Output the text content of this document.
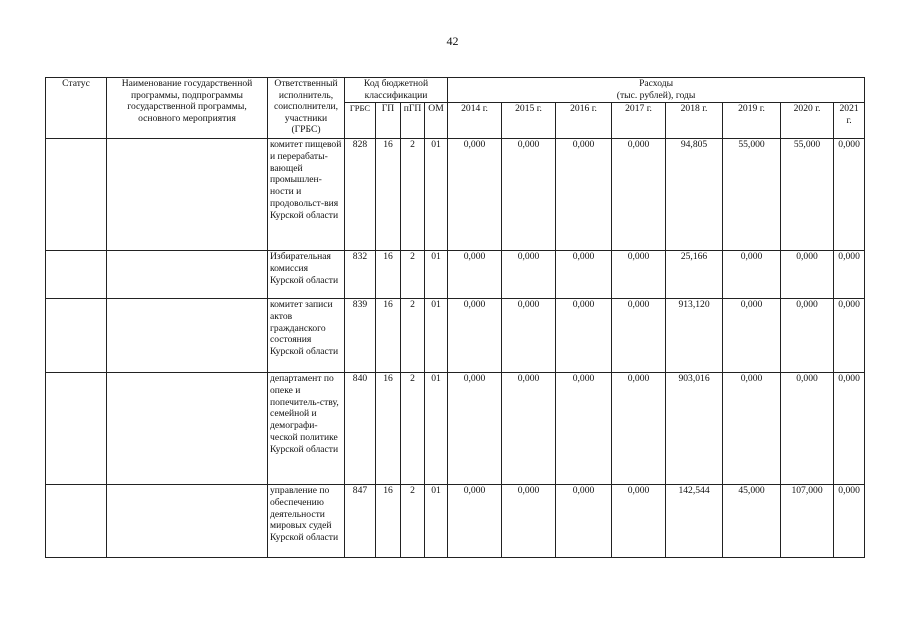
42
Статус	Наименование государственной программы, подпрограммы государственной программы, основного мероприятия	Ответственный исполнитель, соисполнители, участники (ГРБС)	Код бюджетной классификации				Расходы
(тыс. рублей), годы							
			ГРБС	ГП	пГП	ОМ	2014 г.	2015 г.	2016 г.	2017 г.	2018 г.	2019 г.	2020 г.	2021 г.
		комитет пищевой и перерабаты-вающей промышлен-ности и продовольст-вия Курской области	828	16	2	01	0,000	0,000	0,000	0,000	94,805	55,000	55,000	0,000
		Избирательная комиссия Курской области	832	16	2	01	0,000	0,000	0,000	0,000	25,166	0,000	0,000	0,000
		комитет записи актов гражданского состояния Курской области	839	16	2	01	0,000	0,000	0,000	0,000	913,120	0,000	0,000	0,000
		департамент по опеке и попечитель-ству, семейной и демографи-ческой политике Курской области	840	16	2	01	0,000	0,000	0,000	0,000	903,016	0,000	0,000	0,000
		управление по обеспечению деятельности мировых судей Курской области	847	16	2	01	0,000	0,000	0,000	0,000	142,544	45,000	107,000	0,000
